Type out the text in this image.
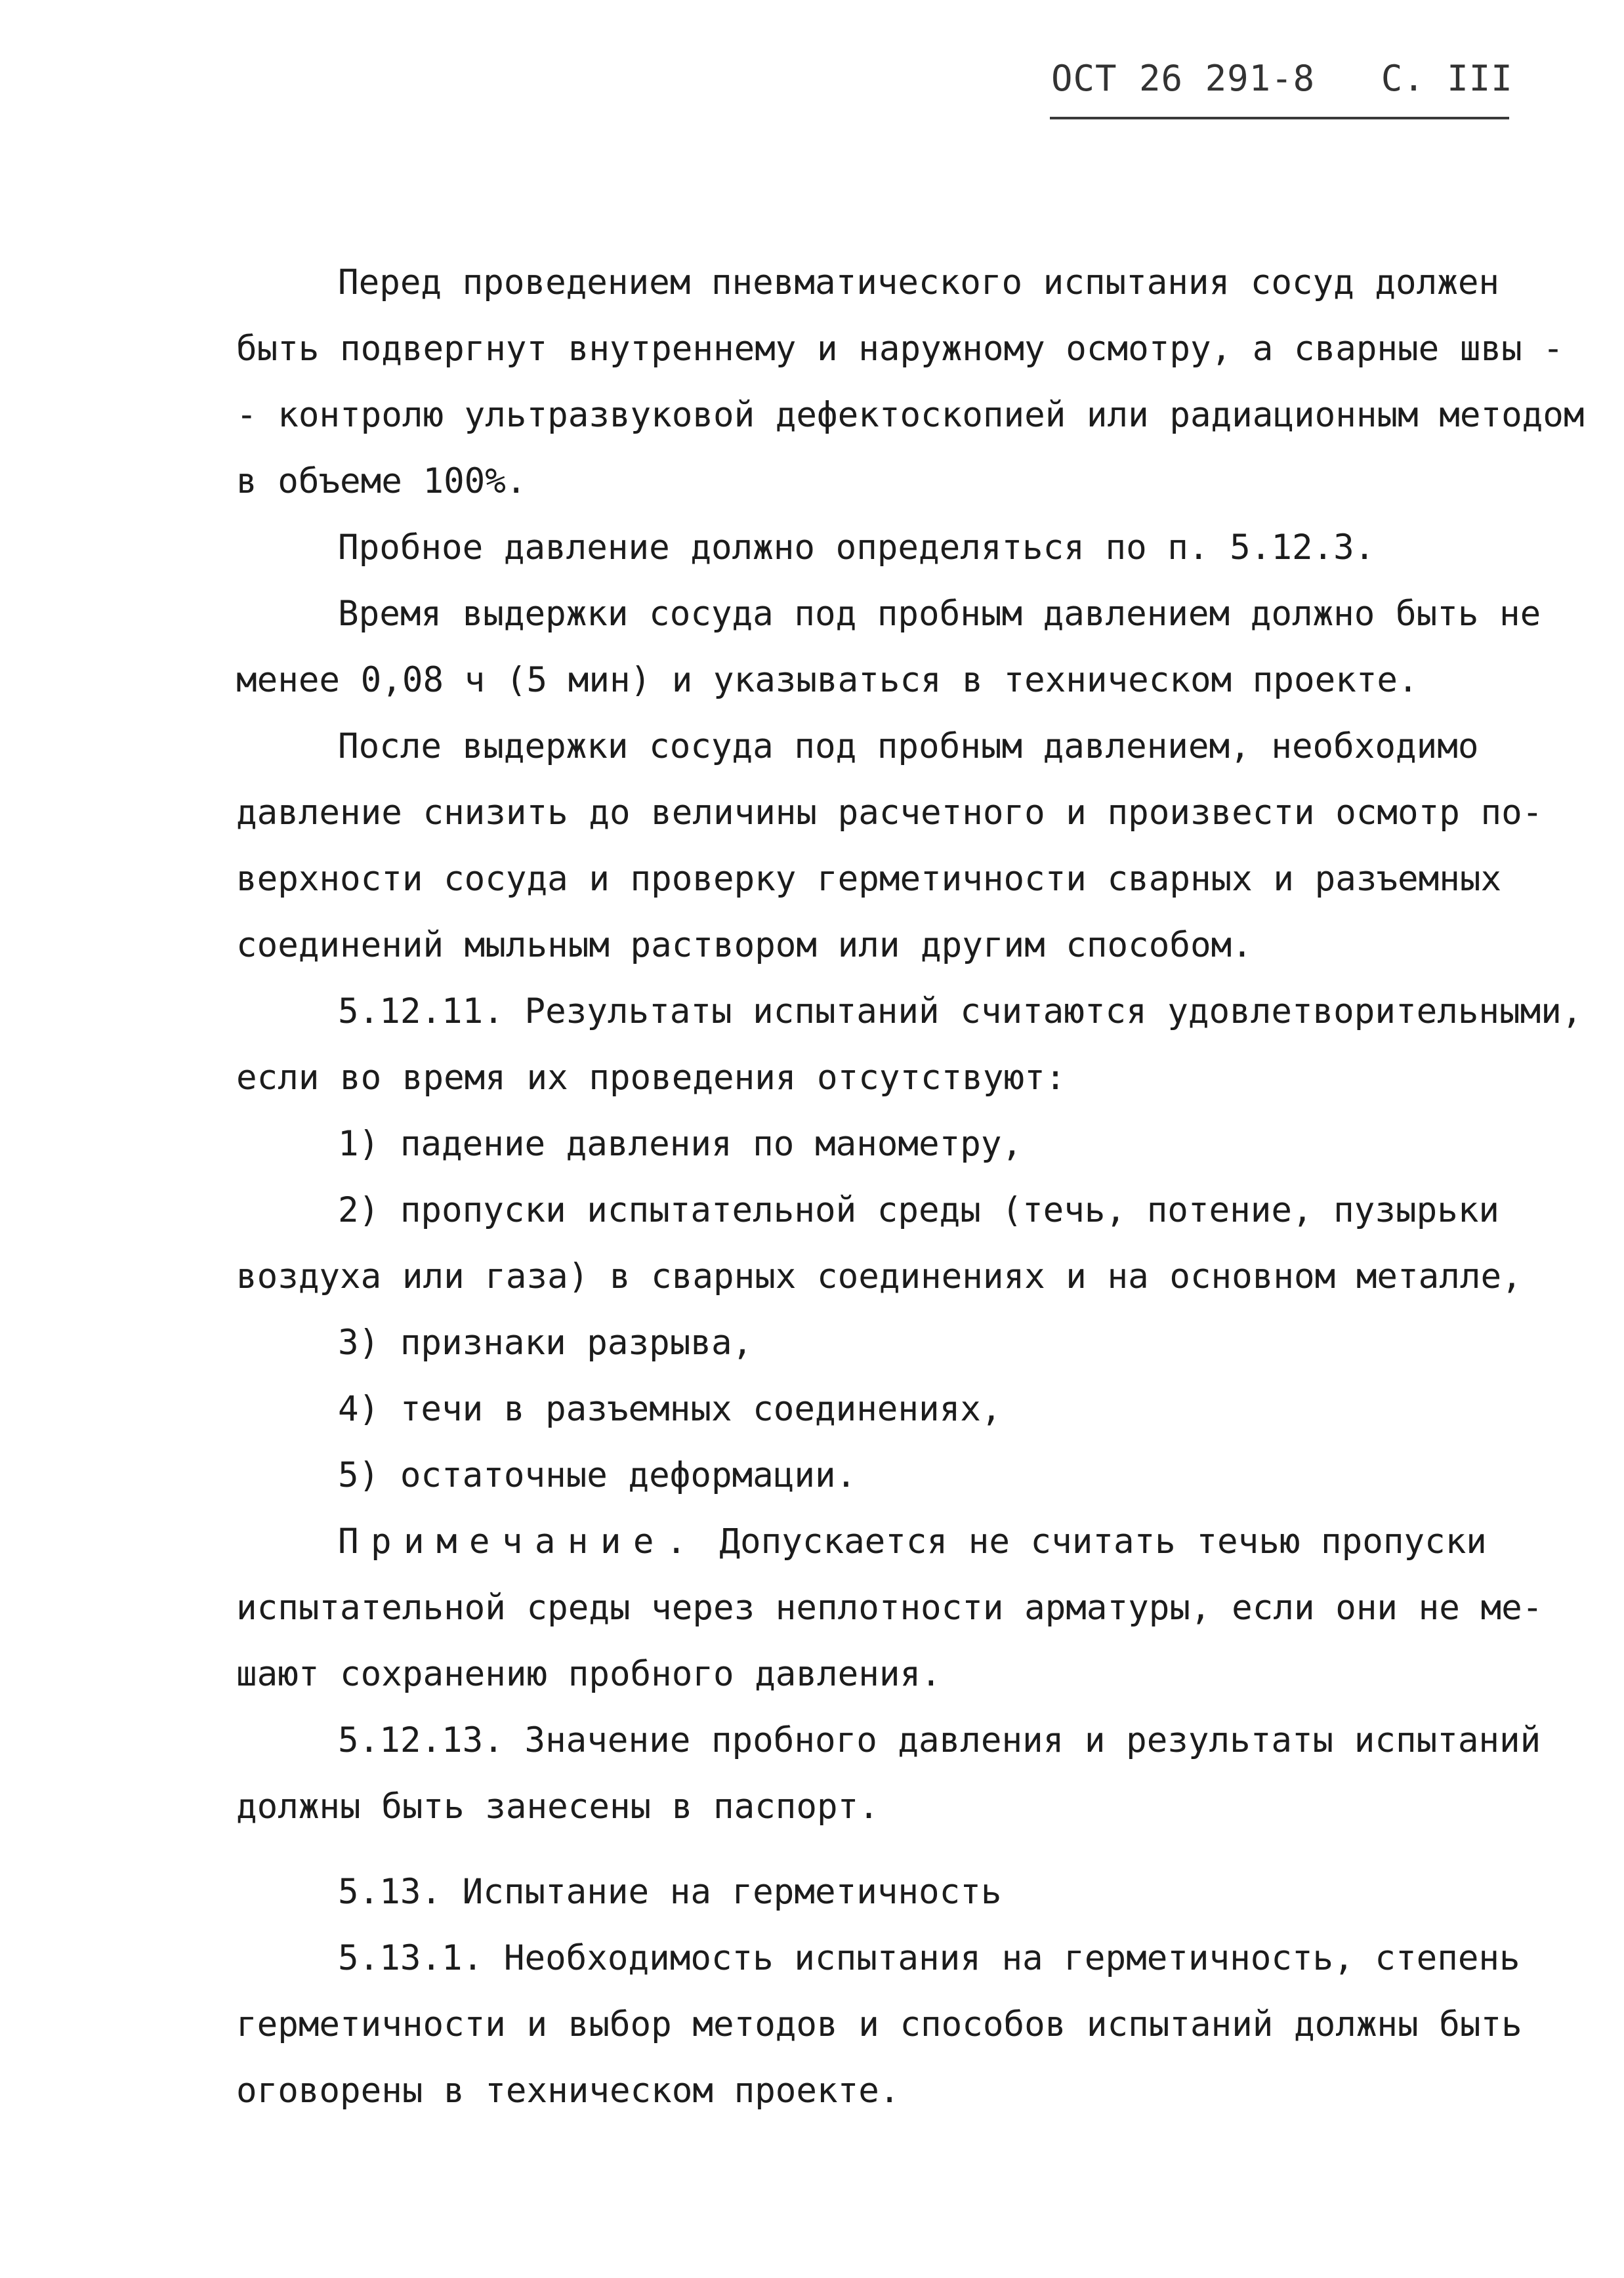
ОСТ 26 291-8 С. III
Перед проведением пневматического испытания сосуд должен
быть подвергнут внутреннему и наружному осмотру, а сварные швы -
- контролю ультразвуковой дефектоскопией или радиационным методом
в объеме 100%.
Пробное давление должно определяться по п. 5.12.3.
Время выдержки сосуда под пробным давлением должно быть не
менее 0,08 ч (5 мин) и указываться в техническом проекте.
После выдержки сосуда под пробным давлением, необходимо
давление снизить до величины расчетного и произвести осмотр по-
верхности сосуда и проверку герметичности сварных и разъемных
соединений мыльным раствором или другим способом.
5.12.11. Результаты испытаний считаются удовлетворительными,
если во время их проведения отсутствуют:
1) падение давления по манометру,
2) пропуски испытательной среды (течь, потение, пузырьки
воздуха или газа) в сварных соединениях и на основном металле,
3) признаки разрыва,
4) течи в разъемных соединениях,
5) остаточные деформации.
Примечание. Допускается не считать течью пропуски
испытательной среды через неплотности арматуры, если они не ме-
шают сохранению пробного давления.
5.12.13. Значение пробного давления и результаты испытаний
должны быть занесены в паспорт.
5.13. Испытание на герметичность
5.13.1. Необходимость испытания на герметичность, степень
герметичности и выбор методов и способов испытаний должны быть
оговорены в техническом проекте.
